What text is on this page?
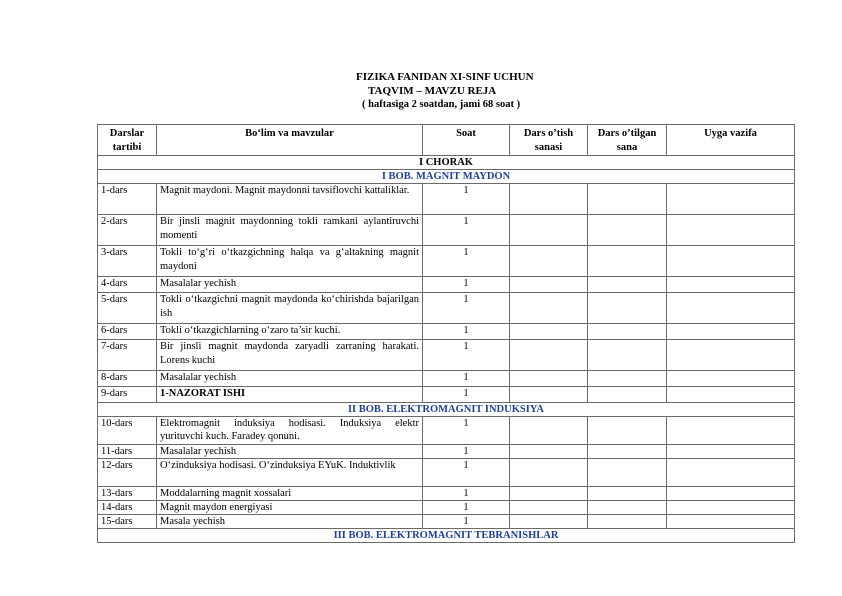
FIZIKA FANIDAN XI-SINF UCHUN
TAQVIM – MAVZU REJA
( haftasiga 2 soatdan, jami 68 soat )
Darslar tartibi	Bo‘lim va mavzular	Soat	Dars o’tish sanasi	Dars o’tilgan sana	Uyga vazifa
I CHORAK					
I BOB. MAGNIT MAYDON					
1-dars	Magnit maydoni. Magnit maydonni tavsiflovchi kattaliklar.	1			
2-dars	Bir jinsli magnit maydonning tokli ramkani aylantiruvchi momenti	1			
3-dars	Tokli to‘g‘ri o‘tkazgichning halqa va g‘altakning magnit maydoni	1			
4-dars	Masalalar yechish	1			
5-dars	Tokli o‘tkazgichni magnit maydonda ko‘chirishda bajarilgan ish	1			
6-dars	Tokli o‘tkazgichlarning o‘zaro ta’sir kuchi.	1			
7-dars	Bir jinsli magnit maydonda zaryadli zarraning harakati. Lorens kuchi	1			
8-dars	Masalalar yechish	1			
9-dars	1-NAZORAT ISHI	1			
II BOB. ELEKTROMAGNIT INDUKSIYA					
10-dars	Elektromagnit induksiya hodisasi. Induksiya elektr yurituvchi kuch. Faradey qonuni.	1			
11-dars	Masalalar yechish	1			
12-dars	O‘zinduksiya hodisasi. O‘zinduksiya EYuK. Induktivlik	1			
13-dars	Moddalarning magnit xossalari	1			
14-dars	Magnit maydon energiyasi	1			
15-dars	Masala yechish	1			
III BOB. ELEKTROMAGNIT TEBRANISHLAR					
